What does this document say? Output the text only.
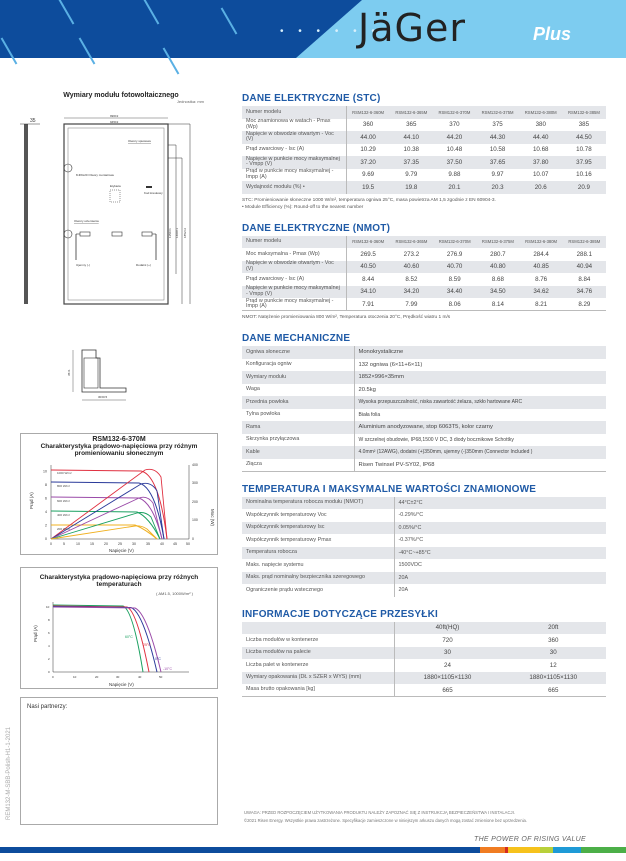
• • • • • •
JäGer	Plus
Wymiary modułu fotowoltaicznego
Jednostka: mm
35
996±2
945±2
1150±1 1400±1 1852±2
Otwory spustowe
8-Φ9x20 Otwory montażowe
Etykieta
Kod kreskowy
Otwory uziemienia
Ujemny (-)	Dodatni (+)
35±1
30±0.5
RSM132-6-370M
Charakterystyka prądowo-napięciowa przy różnym promieniowaniu słonecznym
0
2
4
6
8
10
0	5	10	15	20	25	30	35	40	45	50
0
100
200
300
400
Napięcie (V)
Prąd (A)
Moc (W)
1000 W/m²
800 W/m²
600 W/m²
400 W/m²
200 W/m²
Charakterystyka prądowo-napięciowa przy różnych temperaturach
( AM1.5, 1000W/m² )
0
2
4
6
8
10
0	10	20	30	40	50
Napięcie (V)
Prąd (A)	60°C
25°C
0°C
-10°C
Nasi partnerzy:
REM132-M-SBB-Polish-H1-1-2021
DANE ELEKTRYCZNE (STC)
Numer modelu	RSM132-6-360M	RSM132-6-365M	RSM132-6-370M	RSM132-6-375M	RSM132-6-380M	RSM132-6-385M
Moc znamionowa w watach - Pmax (Wp)	360	365	370	375	380	385
Napięcie w obwodzie otwartym - Voc (V)	44.00	44.10	44.20	44.30	44.40	44.50
Prąd zwarciowy - Isc (A)	10.29	10.38	10.48	10.58	10.68	10.78
Napięcie w punkcie mocy maksymalnej - Vmpp (V)	37.20	37.35	37.50	37.65	37.80	37.95
Prąd w punkcie mocy maksymalnej - Impp (A)	9.69	9.79	9.88	9.97	10.07	10.16
Wydajność modułu (%) •	19.5	19.8	20.1	20.3	20.6	20.9
STC: Promieniowanie słoneczne 1000 W/m², temperatura ogniwa 25°C, masa powietrza AM 1,5 zgodnie z EN 60904-3.
• Module Efficiency (%): Round-off to the nearest number
DANE ELEKTRYCZNE (NMOT)
Numer modelu	RSM132-6-360M	RSM132-6-365M	RSM132-6-370M	RSM132-6-375M	RSM132-6-380M	RSM132-6-385M
Moc maksymalna - Pmax (Wp)	269.5	273.2	276.9	280.7	284.4	288.1
Napięcie w obwodzie otwartym - Voc (V)	40.50	40.60	40.70	40.80	40.85	40.94
Prąd zwarciowy - Isc (A)	8.44	8.52	8.59	8.68	8.76	8.84
Napięcie w punkcie mocy maksymalnej - Vmpp (V)	34.10	34.20	34.40	34.50	34.62	34.76
Prąd w punkcie mocy maksymalnej - Impp (A)	7.91	7.99	8.06	8.14	8.21	8.29
NMOT: Natężenie promieniowania 800 W/m², Temperatura otoczenia 20°C, Prędkość wiatru 1 m/s
DANE MECHANICZNE
Ogniwa słoneczne	Monokrystaliczne
Konfiguracja ogniw	132 ogniwa (6×11+6×11)
Wymiary modułu	1852×996×35mm
Waga	20.5kg
Przednia powłoka	Wysoka przepuszczalność, niska zawartość żelaza, szkło hartowane ARC
Tylna powłoka	Biała folia
Rama	Aluminium anodyzowane, stop 6063T5, kolor czarny
Skrzynka przyłączowa	W szczelnej obudowie, IP68,1500 V DC, 3 diody bocznikowe Schottky
Kable	4.0mm² (12AWG), dodatni (+)350mm, ujemny (-)350mm (Connector Included )
Złącza	Risen Twinsel PV-SY02, IP68
TEMPERATURA I MAKSYMALNE WARTOŚCI ZNAMIONOWE
Nominalna temperatura robocza modułu (NMOT)	44°C±2°C
Współczynnik temperaturowy Voc	-0.29%/°C
Współczynnik temperaturowy Isc	0.05%/°C
Współczynnik temperaturowy Pmax	-0.37%/°C
Temperatura robocza	-40°C~+85°C
Maks. napięcie systemu	1500VDC
Maks. prąd nominalny bezpiecznika szeregowego	20A
Ograniczenie prądu wstecznego	20A
INFORMACJE DOTYCZĄCE PRZESYŁKI
	40ft(HQ)	20ft
Liczba modułów w kontenerze	720	360
Liczba modułów na palecie	30	30
Liczba palet w kontenerze	24	12
Wymiary opakowania (DŁ x SZER x WYS) (mm)	1880×1105×1130	1880×1105×1130
Masa brutto opakowania [kg]	665	665
UWAGA: PRZED ROZPOCZĘCIEM UŻYTKOWANIA PRODUKTU NALEŻY ZAPOZNAĆ SIĘ Z INSTRUKCJĄ BEZPIECZEŃSTWA I INSTALACJI.
©2021 Risen Energy. Wszystkie prawa zastrzeżone. Specyfikacje zamieszczone w niniejszym arkuszu danych mogą zostać zmienione bez uprzedzenia.
THE POWER OF RISING VALUE
